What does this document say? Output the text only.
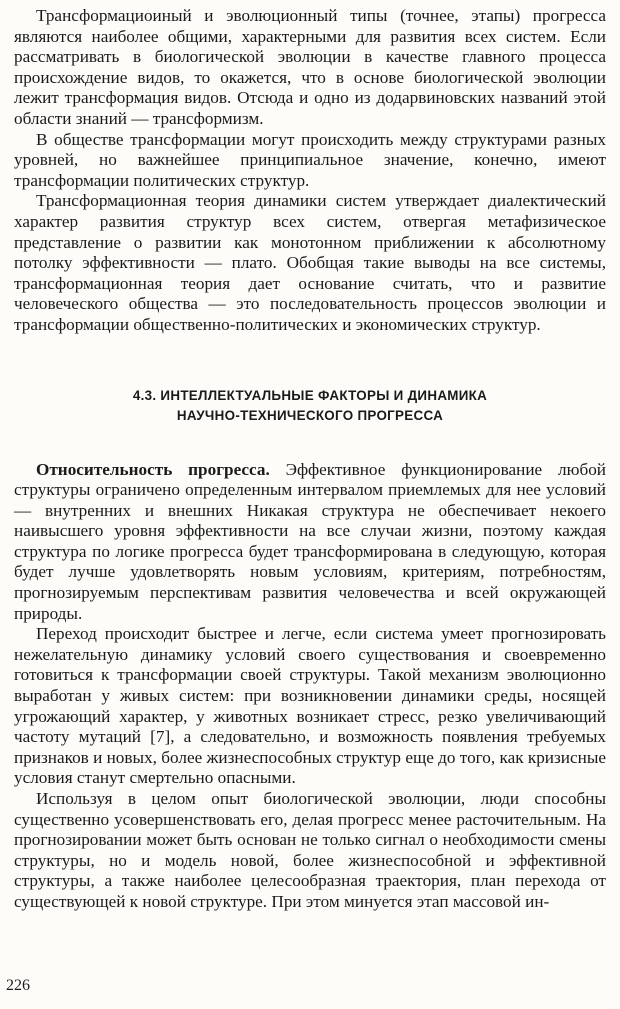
Трансформациоиный и эволюционный типы (точнее, этапы) прогресса являются наиболее общими, характерными для развития всех систем. Если рассматривать в биологической эволюции в качестве главного процесса происхождение видов, то окажется, что в основе биологической эволюции лежит трансформация видов. Отсюда и одно из додарвиновских названий этой области знаний — трансформизм.

В обществе трансформации могут происходить между структурами разных уровней, но важнейшее принципиальное значение, конечно, имеют трансформации политических структур.

Трансформационная теория динамики систем утверждает диалектический характер развития структур всех систем, отвергая метафизическое представление о развитии как монотонном приближении к абсолютному потолку эффективности — плато. Обобщая такие выводы на все системы, трансформационная теория дает основание считать, что и развитие человеческого общества — это последовательность процессов эволюции и трансформации общественно-политических и экономических структур.

4.3. ИНТЕЛЛЕКТУАЛЬНЫЕ ФАКТОРЫ И ДИНАМИКА
НАУЧНО-ТЕХНИЧЕСКОГО ПРОГРЕССА

Относительность прогресса. Эффективное функционирование любой структуры ограничено определенным интервалом приемлемых для нее условий — внутренних и внешних Никакая структура не обеспечивает некоего наивысшего уровня эффективности на все случаи жизни, поэтому каждая структура по логике прогресса будет трансформирована в следующую, которая будет лучше удовлетворять новым условиям, критериям, потребностям, прогнозируемым перспективам развития человечества и всей окружающей природы.

Переход происходит быстрее и легче, если система умеет прогнозировать нежелательную динамику условий своего существования и своевременно готовиться к трансформации своей структуры. Такой механизм эволюционно выработан у живых систем: при возникновении динамики среды, носящей угрожающий характер, у животных возникает стресс, резко увеличивающий частоту мутаций [7], а следовательно, и возможность появления требуемых признаков и новых, более жизнеспособных структур еще до того, как кризисные условия станут смертельно опасными.

Используя в целом опыт биологической эволюции, люди способны существенно усовершенствовать его, делая прогресс менее расточительным. На прогнозировании может быть основан не только сигнал о необходимости смены структуры, но и модель новой, более жизнеспособной и эффективной структуры, а также наиболее целесообразная траектория, план перехода от существующей к новой структуре. При этом минуется этап массовой ин-

226
